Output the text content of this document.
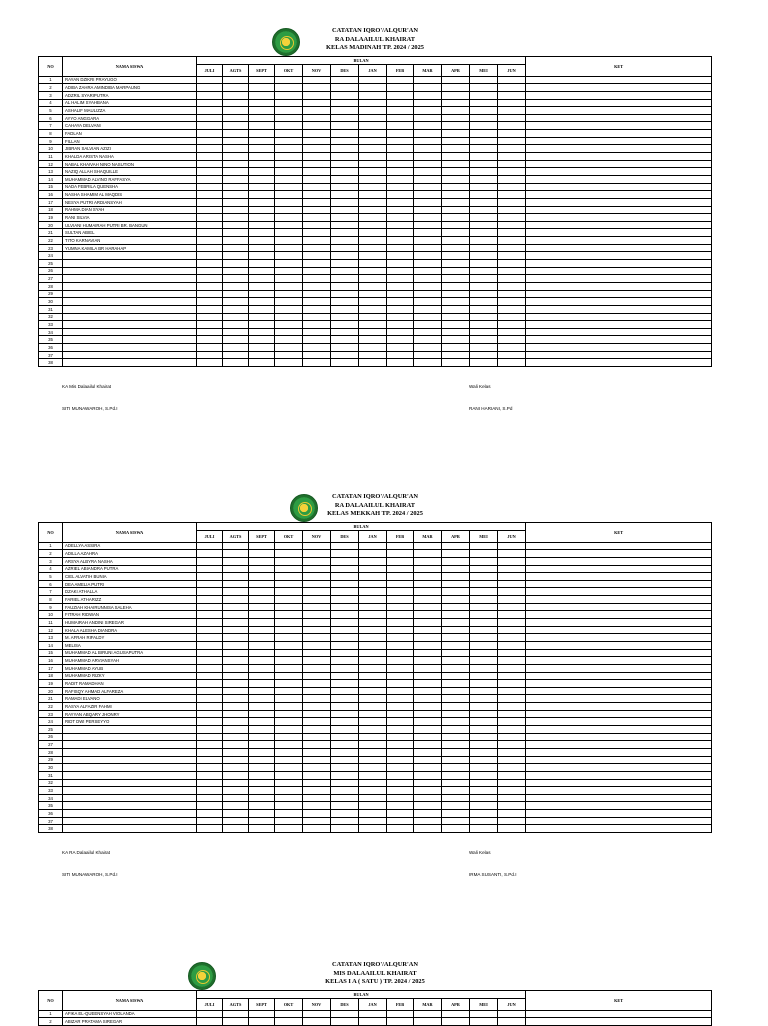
CATATAN IQRO'/ALQUR'AN
RA DALAAILUL KHAIRAT
KELAS MADINAH TP. 2024 / 2025
NO	NAMA SISWA	BULAN												KET
		JULI	AGTS	SEPT	OKT	NOV	DES	JAN	FEB	MAR	APR	MEI	JUN	
1	RAYAN DZIKRI PRAYUGO													
2	ADIBA ZAHRA AMINDIBA MARPAUNG													
3	ADZRIL SYARIPUTRA													
4	AL HALIM SYAHBANA													
5	ASHALIF MAULIZZA													
6	AYYO ANGGARA													
7	CAHAYA DELVANI													
8	FADLAN													
9	FILLAN													
10	JIBRAN SALVIAN AZIZI													
11	KHALDA ARISTA NASHA													
12	NABAL KHAIVAH NINO NASUTION													
13	NAZIQ ALLAH SHAQUILLE													
14	MUHAMMAD ALVINO RAFFASYA													
15	NADA FEBRILA QUENSHA													
16	NASHA SHAMIM AL MAQDIS													
17	NESYA PUTRI ARDIANSYAH													
18	RAHMA DIAN SYAH													
19	RANI SILVIA													
20	ULVIANI HUMAIRAH PUTRI BR. BANGUN													
21	SULTAN ABIEL													
22	TITO KARNAVIAN													
23	YUMNA KAMILA BR HARAHAP													
24														
25														
26														
27														
28														
29														
30														
31														
32														
33														
34														
35														
36														
37														
38														
KA Mis Dalaailul Khairat
SITI MUNAWAROH, S.Pd.I
Wali Kelas
RANI HARIANI, S.Pd
CATATAN IQRO'/ALQUR'AN
RA DALAAILUL KHAIRAT
KELAS MEKKAH TP. 2024 / 2025
NO	NAMA SISWA	BULAN												KET
		JULI	AGTS	SEPT	OKT	NOV	DES	JAN	FEB	MAR	APR	MEI	JUN	
1	ADELLYA ASSIRA													
2	ADILLA AZAHRA													
3	ARSYA ALBYRA NASHA													
4	AZRIEL ABIANDRA PUTRA													
5	CIEL ALVATIH BUNIA													
6	DEA AMELIA PUTRI													
7	DZAKI ATHALLA													
8	FARIEL ATHARIZZ													
9	FAUZIAH KHAIRUNNISA SALEHA													
10	FITRAH RIDWAN													
11	HUMAIRAH ANDINI SIREGAR													
12	KHALA ALESHA DIANDRA													
13	M. AFRAH RIFALDY													
14	MELISA													
15	MUHAMMAD AL BIRUNI AGUSAPUTRA													
16	MUHAMMAD ARVIANSYAH													
17	MUHAMMAD AYUB													
18	MUHAMMAD RIZKY													
19	RADIT RAMADHAN													
20	RAFISQY AHMAD ALFAREZA													
21	RAMADI ELVANO													
22	RASYA ALFAZIR FAHMI													
23	RAYYAN ABQARY JHONRY													
24	RIDT DWI PERSEYYO													
25														
26														
27														
28														
29														
30														
31														
32														
33														
34														
35														
36														
37														
38														
KA RA Dalaailul Khairat
SITI MUNAWAROH, S.Pd.I
Wali Kelas
IRMA SUSANTI, S.Pd.I
CATATAN IQRO'/ALQUR'AN
MIS DALAAILUL KHAIRAT
KELAS I A ( SATU ) TP. 2024 / 2025
NO	NAMA SISWA	BULAN												KET
		JULI	AGTS	SEPT	OKT	NOV	DES	JAN	FEB	MAR	APR	MEI	JUN	
1	AFIKA EL-QUEENSYAH VIOLANDA													
2	ABIZAR PRATAMA SIREGAR													
